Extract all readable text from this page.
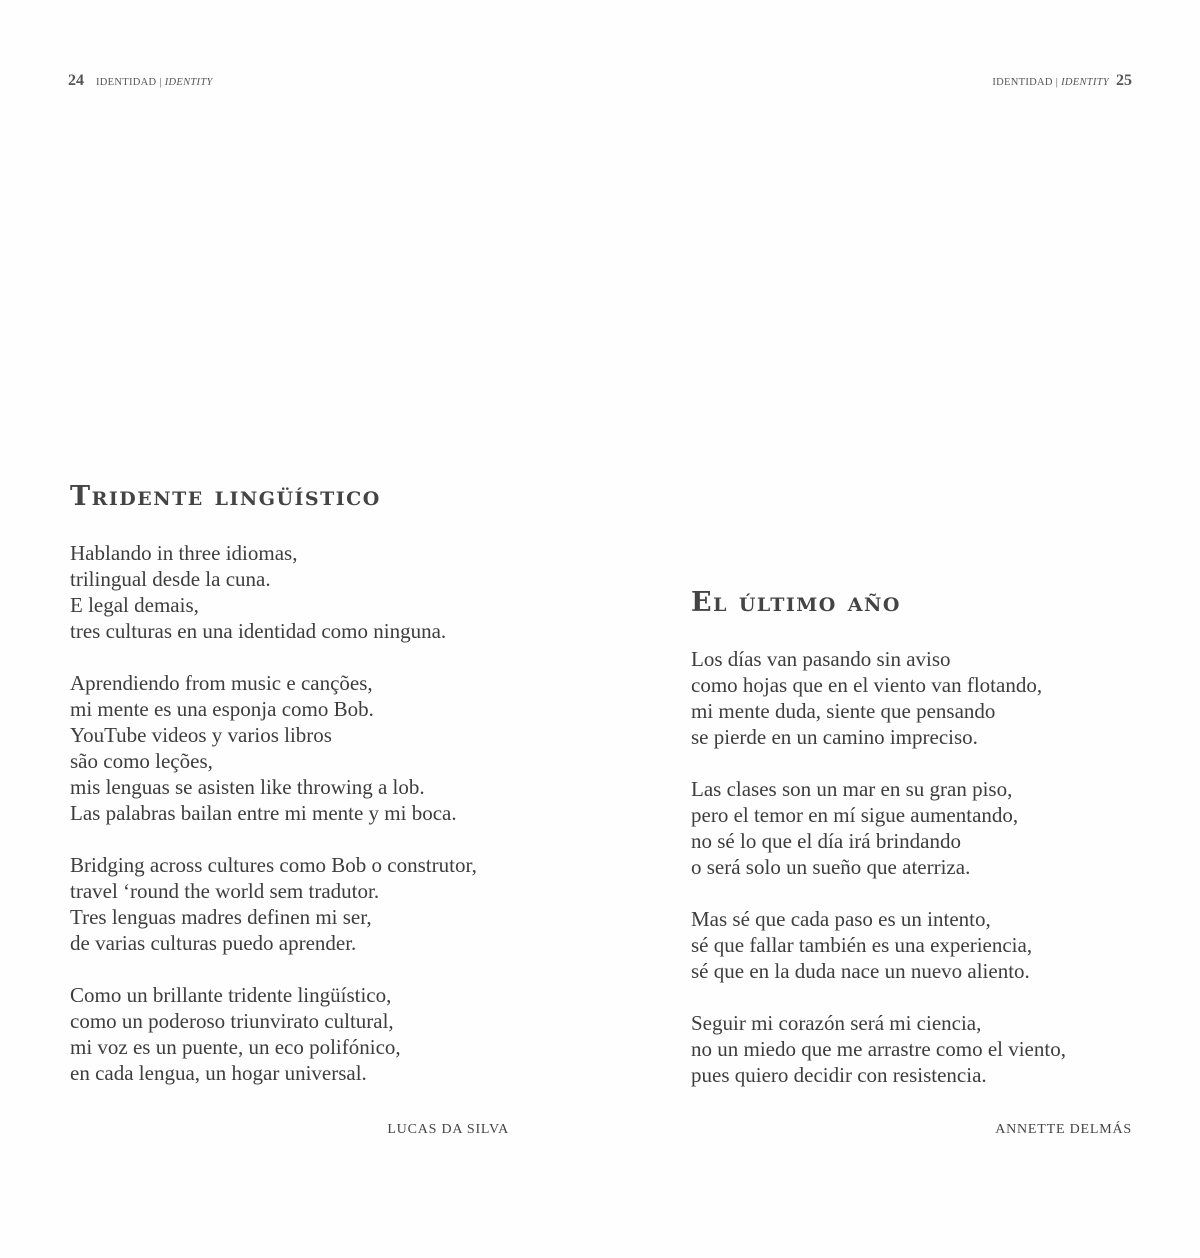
24 IDENTIDAD | IDENTITY	IDENTIDAD | IDENTITY 25
Tridente lingüístico
Hablando in three idiomas,
trilingual desde la cuna.
E legal demais,
tres culturas en una identidad como ninguna.
Aprendiendo from music e canções,
mi mente es una esponja como Bob.
YouTube videos y varios libros
são como leções,
mis lenguas se asisten like throwing a lob.
Las palabras bailan entre mi mente y mi boca.
Bridging across cultures como Bob o construtor,
travel ‘round the world sem tradutor.
Tres lenguas madres definen mi ser,
de varias culturas puedo aprender.
Como un brillante tridente lingüístico,
como un poderoso triunvirato cultural,
mi voz es un puente, un eco polifónico,
en cada lengua, un hogar universal.
LUCAS DA SILVA
El último año
Los días van pasando sin aviso
como hojas que en el viento van flotando,
mi mente duda, siente que pensando
se pierde en un camino impreciso.
Las clases son un mar en su gran piso,
pero el temor en mí sigue aumentando,
no sé lo que el día irá brindando
o será solo un sueño que aterriza.
Mas sé que cada paso es un intento,
sé que fallar también es una experiencia,
sé que en la duda nace un nuevo aliento.
Seguir mi corazón será mi ciencia,
no un miedo que me arrastre como el viento,
pues quiero decidir con resistencia.
ANNETTE DELMÁS
